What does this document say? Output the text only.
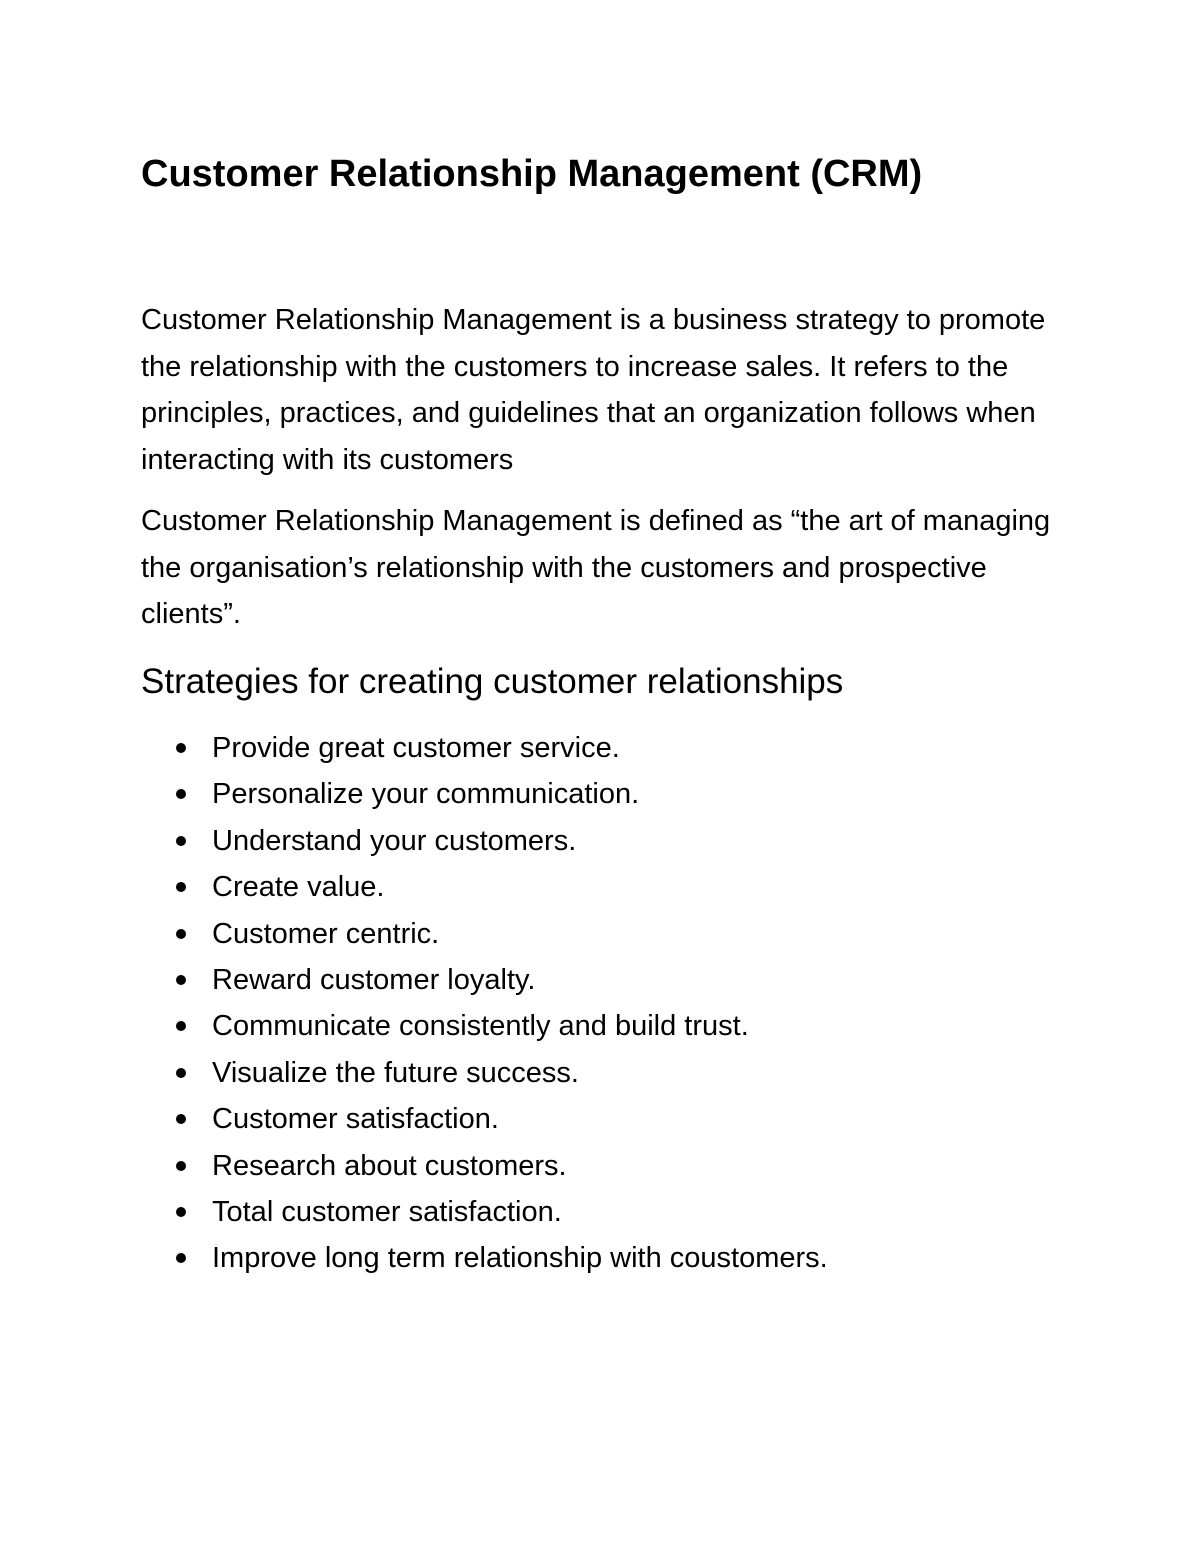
Customer Relationship Management (CRM)

Customer Relationship Management is a business strategy to promote the relationship with the customers to increase sales. It refers to the principles, practices, and guidelines that an organization follows when interacting with its customers

Customer Relationship Management is defined as “the art of managing the organisation’s relationship with the customers and prospective clients”.

Strategies for creating customer relationships
Provide great customer service.
Personalize your communication.
Understand your customers.
Create value.
Customer centric.
Reward customer loyalty.
Communicate consistently and build trust.
Visualize the future success.
Customer satisfaction.
Research about customers.
Total customer satisfaction.
Improve long term relationship with coustomers.
